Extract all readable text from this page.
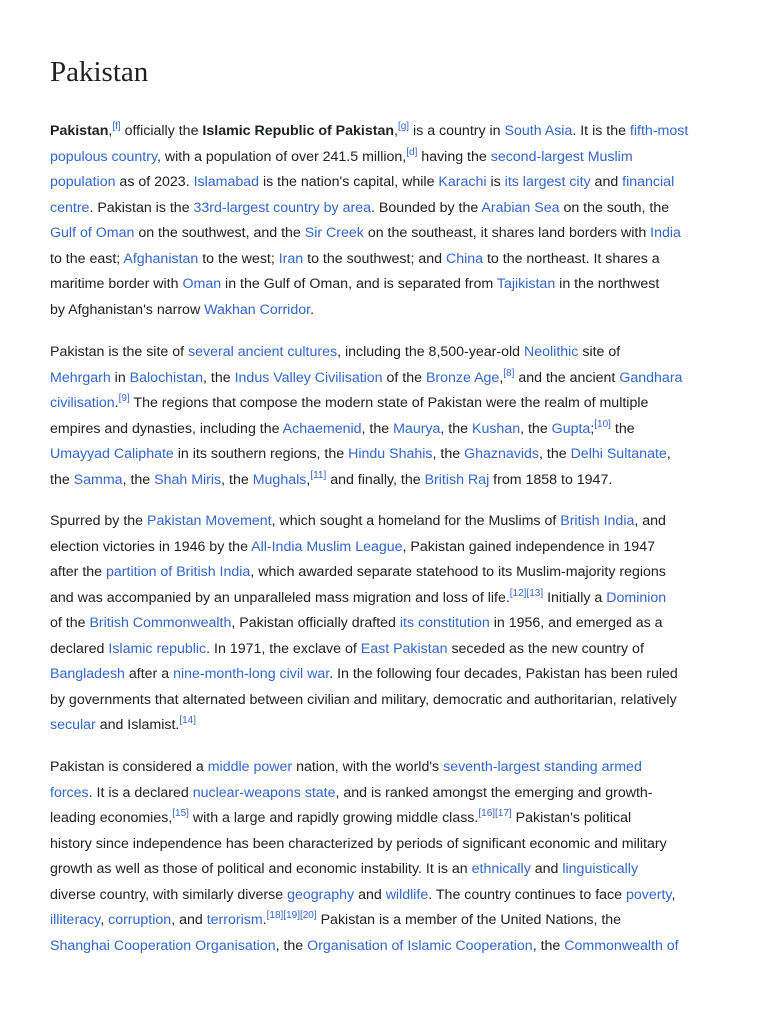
Pakistan
Pakistan,[f] officially the Islamic Republic of Pakistan,[g] is a country in South Asia. It is the fifth-most
populous country, with a population of over 241.5 million,[d] having the second-largest Muslim
population as of 2023. Islamabad is the nation's capital, while Karachi is its largest city and financial
centre. Pakistan is the 33rd-largest country by area. Bounded by the Arabian Sea on the south, the
Gulf of Oman on the southwest, and the Sir Creek on the southeast, it shares land borders with India
to the east; Afghanistan to the west; Iran to the southwest; and China to the northeast. It shares a
maritime border with Oman in the Gulf of Oman, and is separated from Tajikistan in the northwest
by Afghanistan's narrow Wakhan Corridor.
Pakistan is the site of several ancient cultures, including the 8,500-year-old Neolithic site of
Mehrgarh in Balochistan, the Indus Valley Civilisation of the Bronze Age,[8] and the ancient Gandhara
civilisation.[9] The regions that compose the modern state of Pakistan were the realm of multiple
empires and dynasties, including the Achaemenid, the Maurya, the Kushan, the Gupta;[10] the
Umayyad Caliphate in its southern regions, the Hindu Shahis, the Ghaznavids, the Delhi Sultanate,
the Samma, the Shah Miris, the Mughals,[11] and finally, the British Raj from 1858 to 1947.
Spurred by the Pakistan Movement, which sought a homeland for the Muslims of British India, and
election victories in 1946 by the All-India Muslim League, Pakistan gained independence in 1947
after the partition of British India, which awarded separate statehood to its Muslim-majority regions
and was accompanied by an unparalleled mass migration and loss of life.[12][13] Initially a Dominion
of the British Commonwealth, Pakistan officially drafted its constitution in 1956, and emerged as a
declared Islamic republic. In 1971, the exclave of East Pakistan seceded as the new country of
Bangladesh after a nine-month-long civil war. In the following four decades, Pakistan has been ruled
by governments that alternated between civilian and military, democratic and authoritarian, relatively
secular and Islamist.[14]
Pakistan is considered a middle power nation, with the world's seventh-largest standing armed
forces. It is a declared nuclear-weapons state, and is ranked amongst the emerging and growth-
leading economies,[15] with a large and rapidly growing middle class.[16][17] Pakistan's political
history since independence has been characterized by periods of significant economic and military
growth as well as those of political and economic instability. It is an ethnically and linguistically
diverse country, with similarly diverse geography and wildlife. The country continues to face poverty,
illiteracy, corruption, and terrorism.[18][19][20] Pakistan is a member of the United Nations, the
Shanghai Cooperation Organisation, the Organisation of Islamic Cooperation, the Commonwealth of
